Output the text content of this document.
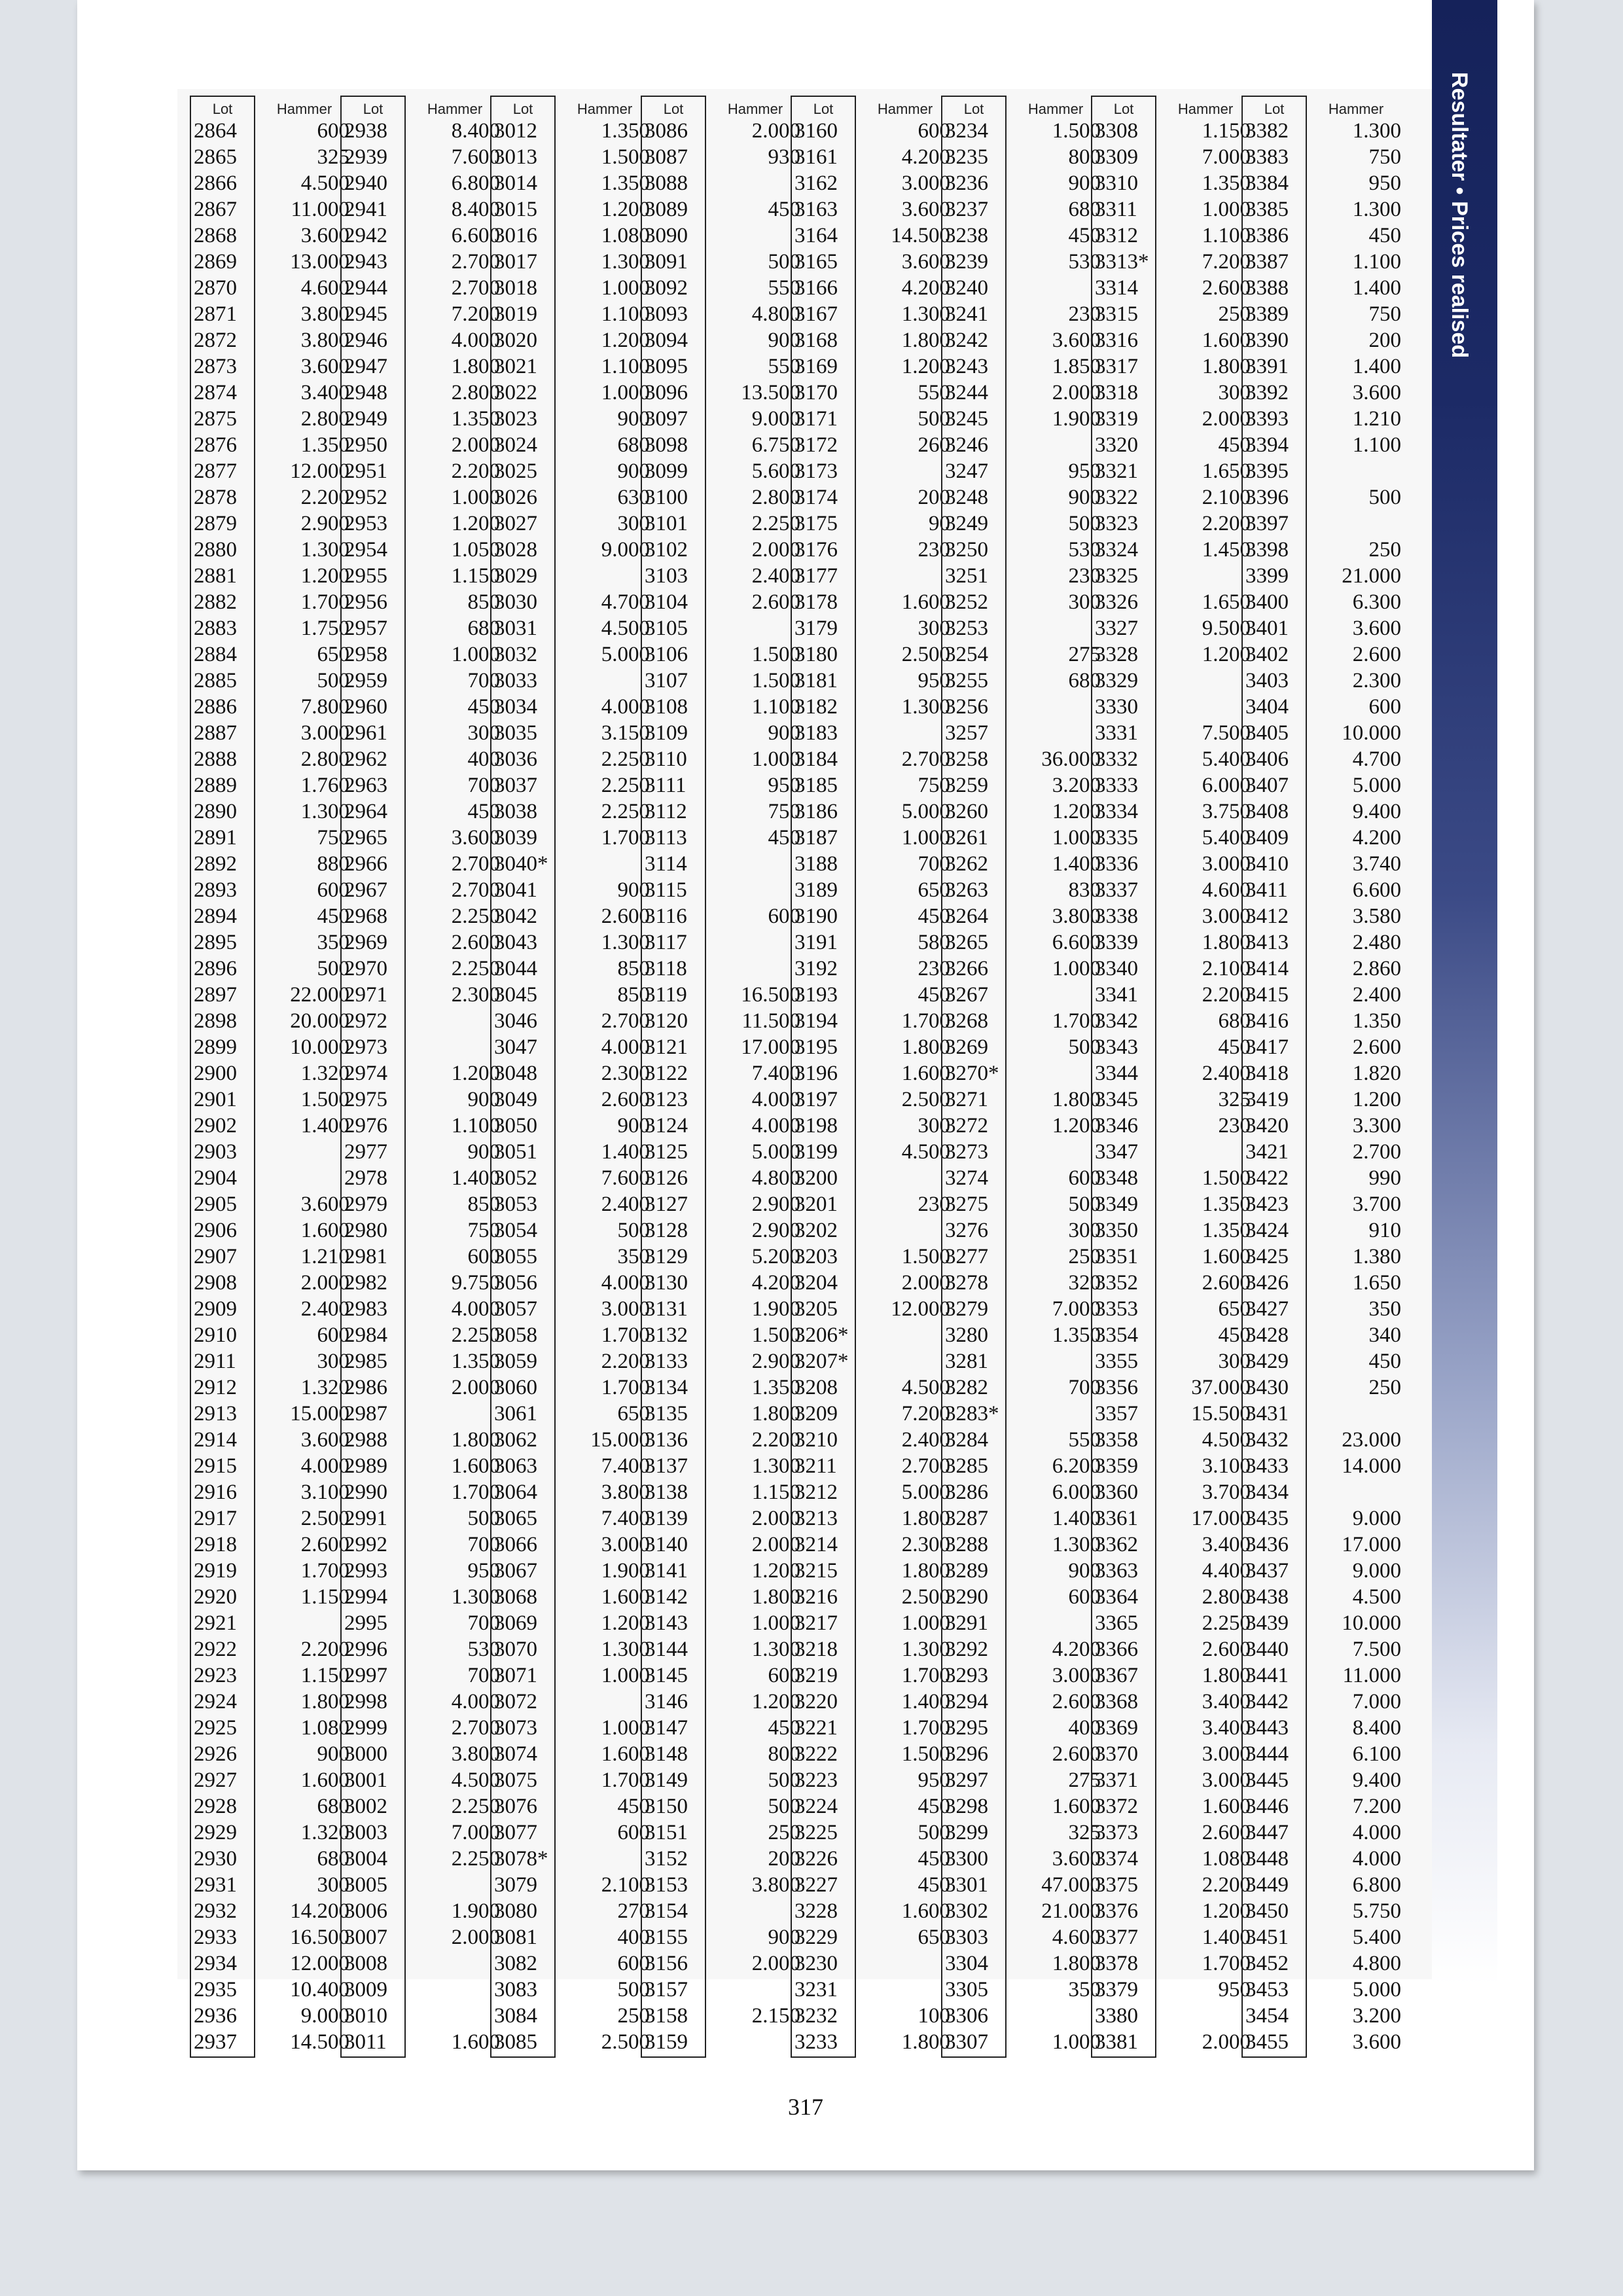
Lot	Hammer
2864	600
2865	325
2866	4.500
2867	11.000
2868	3.600
2869	13.000
2870	4.600
2871	3.800
2872	3.800
2873	3.600
2874	3.400
2875	2.800
2876	1.350
2877	12.000
2878	2.200
2879	2.900
2880	1.300
2881	1.200
2882	1.700
2883	1.750
2884	650
2885	500
2886	7.800
2887	3.000
2888	2.800
2889	1.760
2890	1.300
2891	750
2892	880
2893	600
2894	450
2895	350
2896	500
2897	22.000
2898	20.000
2899	10.000
2900	1.320
2901	1.500
2902	1.400
2903
2904
2905	3.600
2906	1.600
2907	1.210
2908	2.000
2909	2.400
2910	600
2911	300
2912	1.320
2913	15.000
2914	3.600
2915	4.000
2916	3.100
2917	2.500
2918	2.600
2919	1.700
2920	1.150
2921
2922	2.200
2923	1.150
2924	1.800
2925	1.080
2926	900
2927	1.600
2928	680
2929	1.320
2930	680
2931	300
2932	14.200
2933	16.500
2934	12.000
2935	10.400
2936	9.000
2937	14.500
Lot	Hammer
2938	8.400
2939	7.600
2940	6.800
2941	8.400
2942	6.600
2943	2.700
2944	2.700
2945	7.200
2946	4.000
2947	1.800
2948	2.800
2949	1.350
2950	2.000
2951	2.200
2952	1.000
2953	1.200
2954	1.050
2955	1.150
2956	850
2957	680
2958	1.000
2959	700
2960	450
2961	300
2962	400
2963	700
2964	450
2965	3.600
2966	2.700
2967	2.700
2968	2.250
2969	2.600
2970	2.250
2971	2.300
2972
2973
2974	1.200
2975	900
2976	1.100
2977	900
2978	1.400
2979	850
2980	750
2981	600
2982	9.750
2983	4.000
2984	2.250
2985	1.350
2986	2.000
2987
2988	1.800
2989	1.600
2990	1.700
2991	500
2992	700
2993	950
2994	1.300
2995	700
2996	530
2997	700
2998	4.000
2999	2.700
3000	3.800
3001	4.500
3002	2.250
3003	7.000
3004	2.250
3005
3006	1.900
3007	2.000
3008
3009
3010
3011	1.600
Lot	Hammer
3012	1.350
3013	1.500
3014	1.350
3015	1.200
3016	1.080
3017	1.300
3018	1.000
3019	1.100
3020	1.200
3021	1.100
3022	1.000
3023	900
3024	680
3025	900
3026	630
3027	300
3028	9.000
3029
3030	4.700
3031	4.500
3032	5.000
3033
3034	4.000
3035	3.150
3036	2.250
3037	2.250
3038	2.250
3039	1.700
3040*
3041	900
3042	2.600
3043	1.300
3044	850
3045	850
3046	2.700
3047	4.000
3048	2.300
3049	2.600
3050	900
3051	1.400
3052	7.600
3053	2.400
3054	500
3055	350
3056	4.000
3057	3.000
3058	1.700
3059	2.200
3060	1.700
3061	650
3062	15.000
3063	7.400
3064	3.800
3065	7.400
3066	3.000
3067	1.900
3068	1.600
3069	1.200
3070	1.300
3071	1.000
3072
3073	1.000
3074	1.600
3075	1.700
3076	450
3077	600
3078*
3079	2.100
3080	270
3081	400
3082	600
3083	500
3084	250
3085	2.500
Lot	Hammer
3086	2.000
3087	930
3088
3089	450
3090
3091	500
3092	550
3093	4.800
3094	900
3095	550
3096	13.500
3097	9.000
3098	6.750
3099	5.600
3100	2.800
3101	2.250
3102	2.000
3103	2.400
3104	2.600
3105
3106	1.500
3107	1.500
3108	1.100
3109	900
3110	1.000
3111	950
3112	750
3113	450
3114
3115
3116	600
3117
3118
3119	16.500
3120	11.500
3121	17.000
3122	7.400
3123	4.000
3124	4.000
3125	5.000
3126	4.800
3127	2.900
3128	2.900
3129	5.200
3130	4.200
3131	1.900
3132	1.500
3133	2.900
3134	1.350
3135	1.800
3136	2.200
3137	1.300
3138	1.150
3139	2.000
3140	2.000
3141	1.200
3142	1.800
3143	1.000
3144	1.300
3145	600
3146	1.200
3147	450
3148	800
3149	500
3150	500
3151	250
3152	200
3153	3.800
3154
3155	900
3156	2.000
3157
3158	2.150
3159
Lot	Hammer
3160	600
3161	4.200
3162	3.000
3163	3.600
3164	14.500
3165	3.600
3166	4.200
3167	1.300
3168	1.800
3169	1.200
3170	550
3171	500
3172	260
3173
3174	200
3175	90
3176	230
3177
3178	1.600
3179	300
3180	2.500
3181	950
3182	1.300
3183
3184	2.700
3185	750
3186	5.000
3187	1.000
3188	700
3189	650
3190	450
3191	580
3192	230
3193	450
3194	1.700
3195	1.800
3196	1.600
3197	2.500
3198	300
3199	4.500
3200
3201	230
3202
3203	1.500
3204	2.000
3205	12.000
3206*
3207*
3208	4.500
3209	7.200
3210	2.400
3211	2.700
3212	5.000
3213	1.800
3214	2.300
3215	1.800
3216	2.500
3217	1.000
3218	1.300
3219	1.700
3220	1.400
3221	1.700
3222	1.500
3223	950
3224	450
3225	500
3226	450
3227	450
3228	1.600
3229	650
3230
3231
3232	100
3233	1.800
Lot	Hammer
3234	1.500
3235	800
3236	900
3237	680
3238	450
3239	530
3240
3241	230
3242	3.600
3243	1.850
3244	2.000
3245	1.900
3246
3247	950
3248	900
3249	500
3250	530
3251	230
3252	300
3253
3254	275
3255	680
3256
3257
3258	36.000
3259	3.200
3260	1.200
3261	1.000
3262	1.400
3263	830
3264	3.800
3265	6.600
3266	1.000
3267
3268	1.700
3269	500
3270*
3271	1.800
3272	1.200
3273
3274	600
3275	500
3276	300
3277	250
3278	320
3279	7.000
3280	1.350
3281
3282	700
3283*
3284	550
3285	6.200
3286	6.000
3287	1.400
3288	1.300
3289	900
3290	600
3291
3292	4.200
3293	3.000
3294	2.600
3295	400
3296	2.600
3297	275
3298	1.600
3299	325
3300	3.600
3301	47.000
3302	21.000
3303	4.600
3304	1.800
3305	350
3306
3307	1.000
Lot	Hammer
3308	1.150
3309	7.000
3310	1.350
3311	1.000
3312	1.100
3313*	7.200
3314	2.600
3315	250
3316	1.600
3317	1.800
3318	300
3319	2.000
3320	450
3321	1.650
3322	2.100
3323	2.200
3324	1.450
3325
3326	1.650
3327	9.500
3328	1.200
3329
3330
3331	7.500
3332	5.400
3333	6.000
3334	3.750
3335	5.400
3336	3.000
3337	4.600
3338	3.000
3339	1.800
3340	2.100
3341	2.200
3342	680
3343	450
3344	2.400
3345	325
3346	230
3347
3348	1.500
3349	1.350
3350	1.350
3351	1.600
3352	2.600
3353	650
3354	450
3355	300
3356	37.000
3357	15.500
3358	4.500
3359	3.100
3360	3.700
3361	17.000
3362	3.400
3363	4.400
3364	2.800
3365	2.250
3366	2.600
3367	1.800
3368	3.400
3369	3.400
3370	3.000
3371	3.000
3372	1.600
3373	2.600
3374	1.080
3375	2.200
3376	1.200
3377	1.400
3378	1.700
3379	950
3380
3381	2.000
Lot	Hammer
3382	1.300
3383	750
3384	950
3385	1.300
3386	450
3387	1.100
3388	1.400
3389	750
3390	200
3391	1.400
3392	3.600
3393	1.210
3394	1.100
3395
3396	500
3397
3398	250
3399	21.000
3400	6.300
3401	3.600
3402	2.600
3403	2.300
3404	600
3405	10.000
3406	4.700
3407	5.000
3408	9.400
3409	4.200
3410	3.740
3411	6.600
3412	3.580
3413	2.480
3414	2.860
3415	2.400
3416	1.350
3417	2.600
3418	1.820
3419	1.200
3420	3.300
3421	2.700
3422	990
3423	3.700
3424	910
3425	1.380
3426	1.650
3427	350
3428	340
3429	450
3430	250
3431
3432	23.000
3433	14.000
3434
3435	9.000
3436	17.000
3437	9.000
3438	4.500
3439	10.000
3440	7.500
3441	11.000
3442	7.000
3443	8.400
3444	6.100
3445	9.400
3446	7.200
3447	4.000
3448	4.000
3449	6.800
3450	5.750
3451	5.400
3452	4.800
3453	5.000
3454	3.200
3455	3.600
317
Resultater • Prices realised
